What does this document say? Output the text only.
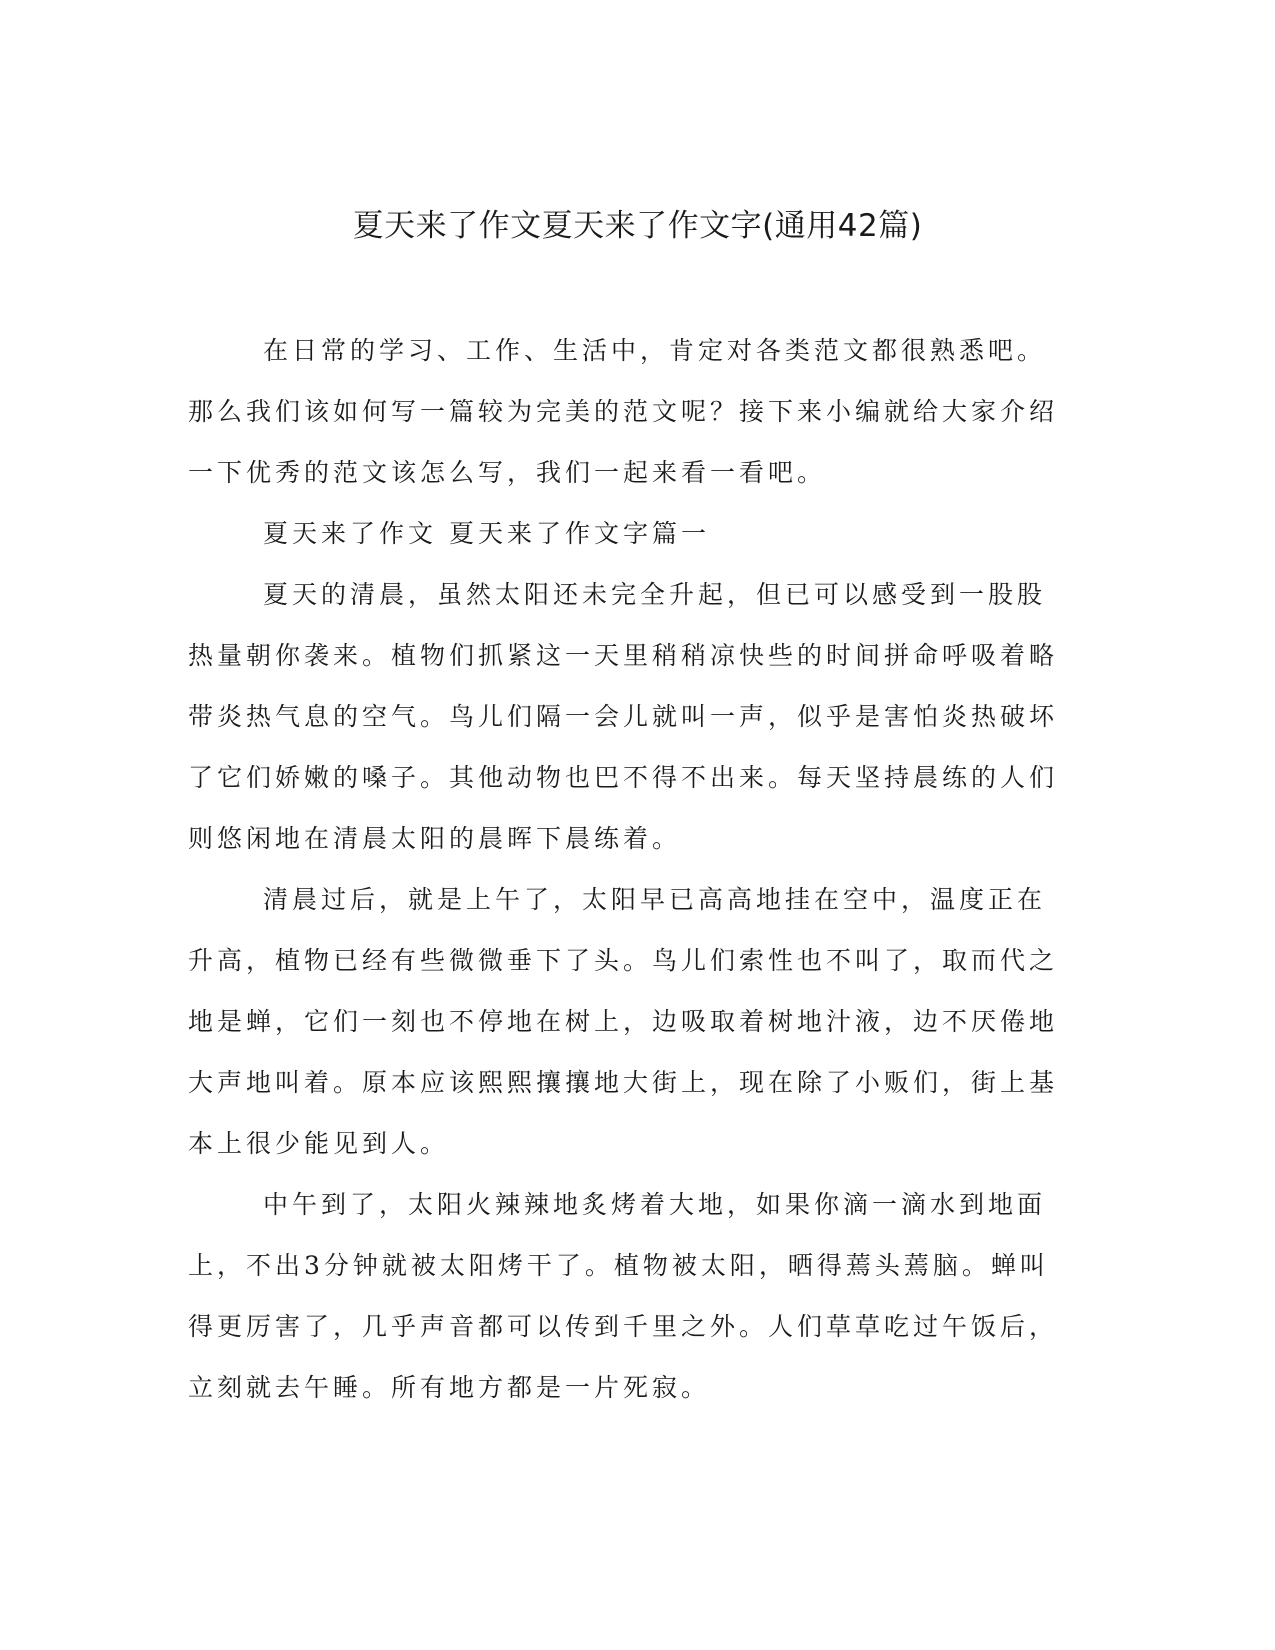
夏天来了作文夏天来了作文字(通用42篇)

在日常的学习、工作、生活中，肯定对各类范文都很熟悉吧。那么我们该如何写一篇较为完美的范文呢？接下来小编就给大家介绍一下优秀的范文该怎么写，我们一起来看一看吧。

夏天来了作文 夏天来了作文字篇一

夏天的清晨，虽然太阳还未完全升起，但已可以感受到一股股热量朝你袭来。植物们抓紧这一天里稍稍凉快些的时间拼命呼吸着略带炎热气息的空气。鸟儿们隔一会儿就叫一声，似乎是害怕炎热破坏了它们娇嫩的嗓子。其他动物也巴不得不出来。每天坚持晨练的人们则悠闲地在清晨太阳的晨晖下晨练着。

清晨过后，就是上午了，太阳早已高高地挂在空中，温度正在升高，植物已经有些微微垂下了头。鸟儿们索性也不叫了，取而代之地是蝉，它们一刻也不停地在树上，边吸取着树地汁液，边不厌倦地大声地叫着。原本应该熙熙攘攘地大街上，现在除了小贩们，街上基本上很少能见到人。

中午到了，太阳火辣辣地炙烤着大地，如果你滴一滴水到地面上，不出3分钟就被太阳烤干了。植物被太阳，晒得蔫头蔫脑。蝉叫得更厉害了，几乎声音都可以传到千里之外。人们草草吃过午饭后，立刻就去午睡。所有地方都是一片死寂。
